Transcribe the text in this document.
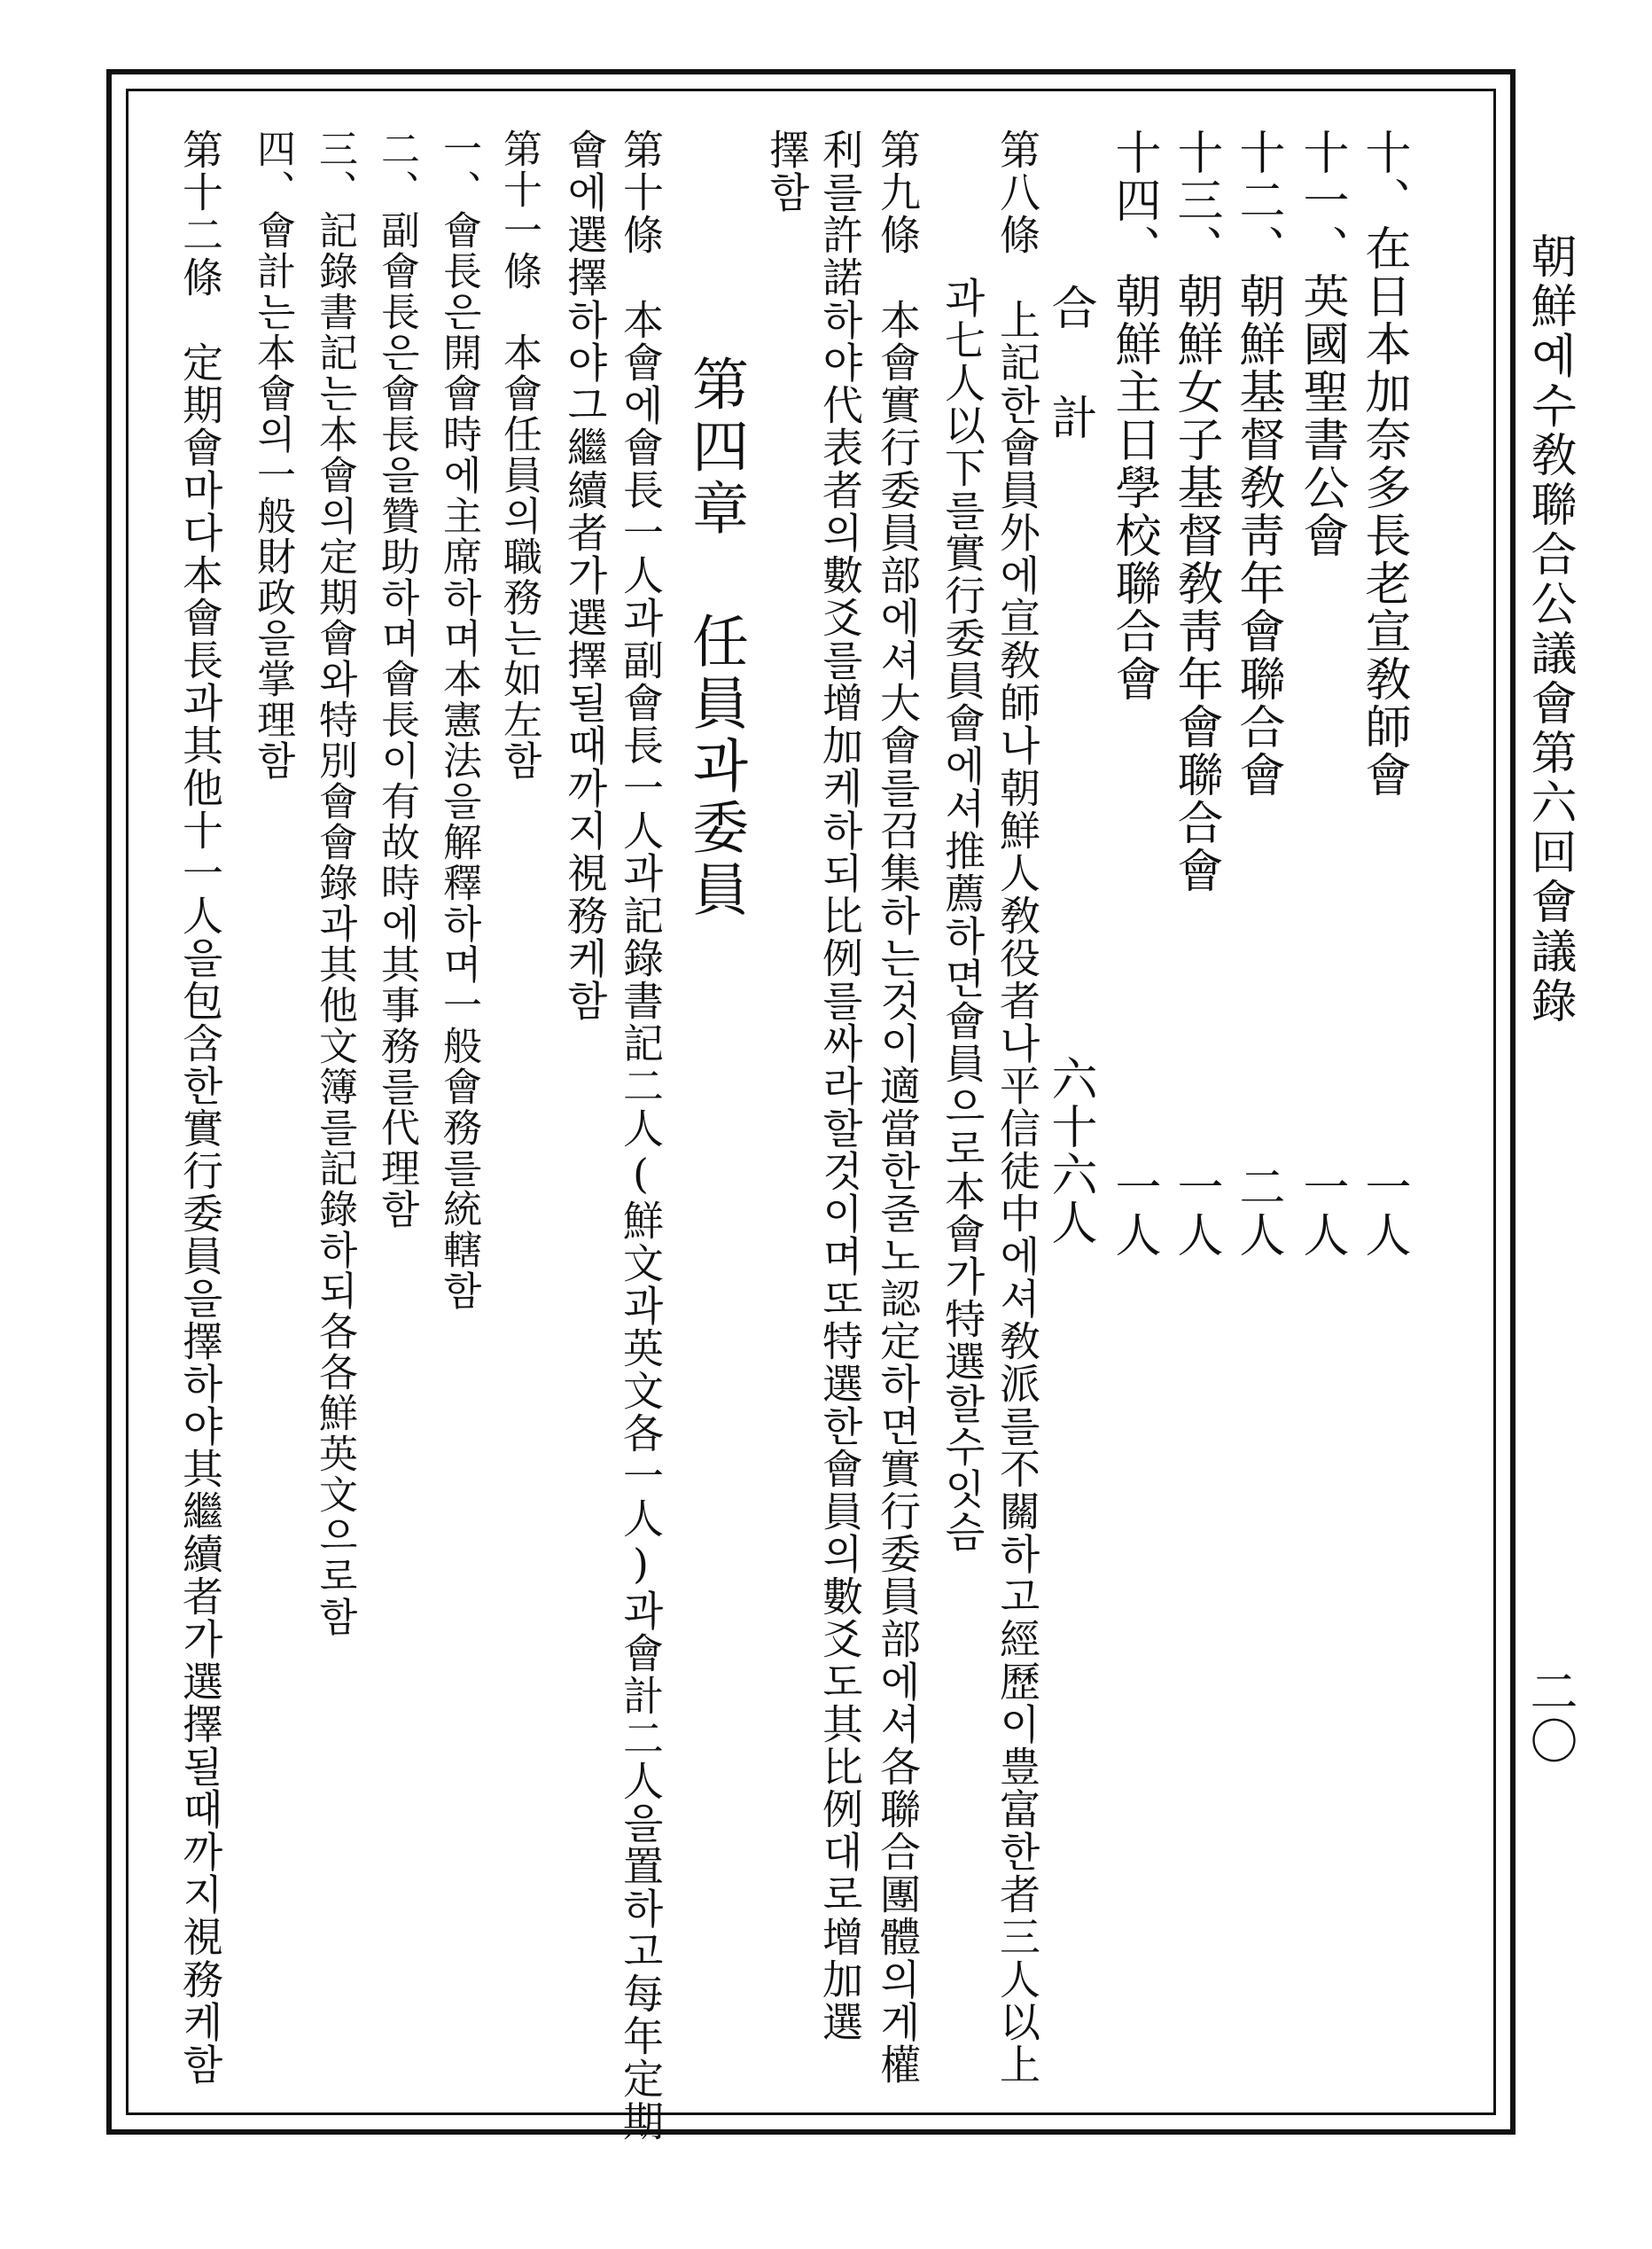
朝鮮예수敎聯合公議會第六回會議錄
二〇
十、在日本加奈多長老宣敎師會
一人
十一、英國聖書公會
一人
十二、朝鮮基督敎靑年會聯合會
二人
十三、朝鮮女子基督敎靑年會聯合會
一人
十四、朝鮮主日學校聯合會
一人
合　計
六十六人
第八條　上記한會員外에宣敎師나朝鮮人敎役者나平信徒中에셔敎派를不關하고經歷이豊富한者三人以上
과七人以下를實行委員會에셔推薦하면會員으로本會가特選할수잇슴
第九條　本會實行委員部에셔大會를召集하는것이適當한줄노認定하면實行委員部에셔各聯合團體의게權
利를許諾하야代表者의數爻를增加케하되比例를싸라할것이며또特選한會員의數爻도其比例대로增加選
擇함
第四章
任員과委員
第十條　本會에會長一人과副會長一人과記錄書記二人(鮮文과英文各一人)과會計二人을置하고每年定期
會에選擇하야그繼續者가選擇될때까지視務케함
第十一條　本會任員의職務는如左함
一、會長은開會時에主席하며本憲法을解釋하며一般會務를統轄함
二、副會長은會長을贊助하며會長이有故時에其事務를代理함
三、記錄書記는本會의定期會와特別會會錄과其他文簿를記錄하되各各鮮英文으로함
四、會計는本會의一般財政을掌理함
第十二條　定期會마다本會長과其他十一人을包含한實行委員을擇하야其繼續者가選擇될때까지視務케함
